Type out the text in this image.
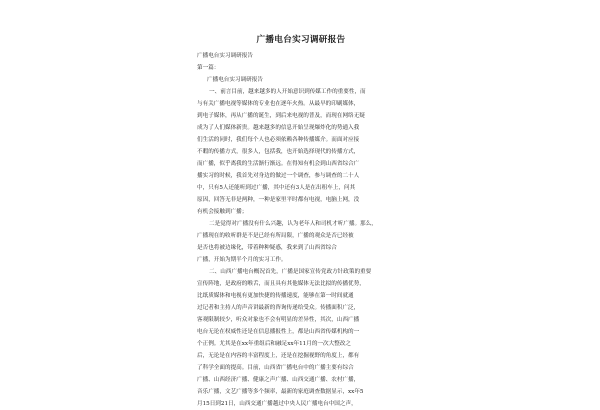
广播电台实习调研报告
广播电台实习调研报告
第一篇：
广播电台实习调研报告
一、前言目前，越来越多的人开始意识到传媒工作的重要性，而
与有关广播电视等媒体的专业也在逐年火热。从最早的印刷媒体，
到电子媒体，再从广播的诞生，到后来电视的普及，而现在网络无疑
成为了人们媒体新贵。越来越多的信息开始呈现爆炸化的势通入我
们生活的同时，我们每个人也必须依赖各种传播媒介。而面对应接
不暇的传播方式，很多人，包括我，也开始选择现代的传播方式，
而广播，似乎离我的生活渐行渐远。在得知有机会到山西省综合广
播实习的时候，我首先对身边的做过一个调查，参与调查的二十人
中，只有5人还能听到过广播，其中还有3人是在出租车上，问其
原因，回答无非是两种，一种是家里平时都有电视，电脑上网，没
有机会接触到广播；
二是觉得对广播没有什么兴趣，认为老年人和司机才听广播。那么，
广播现在的收听群是不是已经有所局限，广播的观众是否已经被
是否也将被边缘化，带着种种疑惑，我来到了山西省综合
广播，开始为期半个月的实习工作。
二、山西广播电台概况首先，广播是国家宣传党政方针政策的重要
宣传阵地，是政府的喉舌，而且具有其他媒体无法比拟的传播优势，
比纸质媒体和电视有更加快捷的传播速度，能够在第一时间就通
过记者和主持人的声音讲最新的咨询传递给受众。传播面积广泛，
客观限制较少，听众对象也不会有明显的差异性，其次，山西广播
电台无论在权威性还是在信息播报性上，都是山西省传媒机构的一
个正例。尤其是在xx年重组后和融足xx年11月的一次大整改之
后，无论是在内容的丰富程度上，还是在挖掘视野的角度上，都有
了科学全面的提高。目前，山西省广播电台中的广播主要有综合
广播、山西经济广播、健康之声广播、山西交通广播、农村广播，
音乐广播，文艺广播等多个频率，最新的家庭调查数据显示，xx年5
月15日到21日，山西交通广播越过中央人民广播电台中国之声，
